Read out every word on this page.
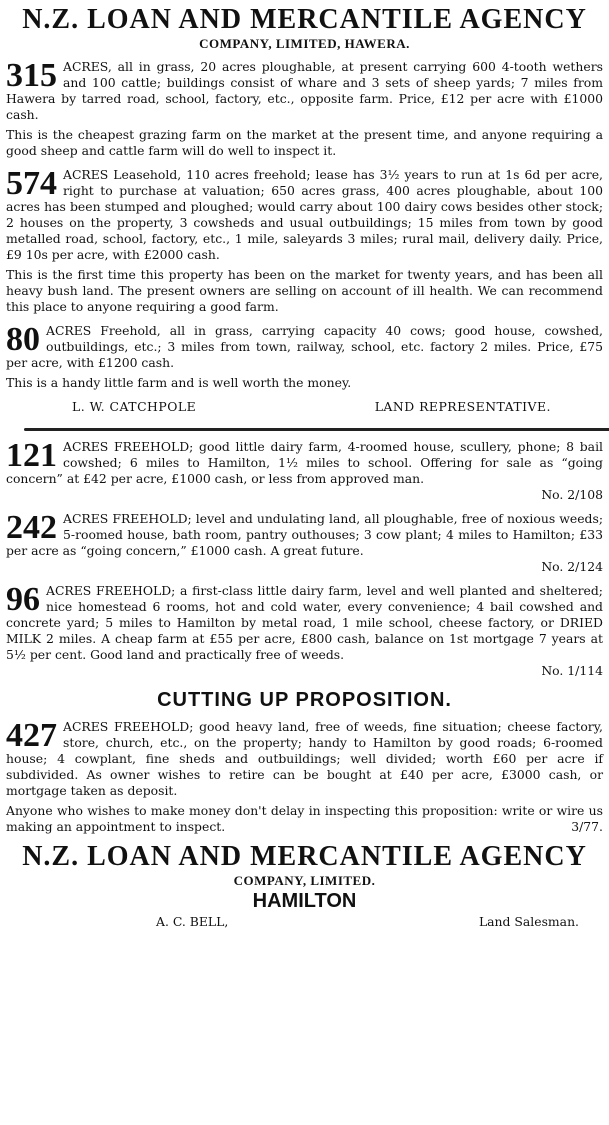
N.Z. LOAN AND MERCANTILE AGENCY
COMPANY, LIMITED, HAWERA.
315 ACRES, all in grass, 20 acres ploughable, at present carrying 600 4-tooth wethers and 100 cattle; buildings consist of whare and 3 sets of sheep yards; 7 miles from Hawera by tarred road, school, factory, etc., opposite farm. Price, £12 per acre with £1000 cash.
This is the cheapest grazing farm on the market at the present time, and anyone requiring a good sheep and cattle farm will do well to inspect it.
574 ACRES Leasehold, 110 acres freehold; lease has 3½ years to run at 1s 6d per acre, right to purchase at valuation; 650 acres grass, 400 acres ploughable, about 100 acres has been stumped and ploughed; would carry about 100 dairy cows besides other stock; 2 houses on the property, 3 cowsheds and usual outbuildings; 15 miles from town by good metalled road, school, factory, etc., 1 mile, saleyards 3 miles; rural mail, delivery daily. Price, £9 10s per acre, with £2000 cash.
This is the first time this property has been on the market for twenty years, and has been all heavy bush land. The present owners are selling on account of ill health. We can recommend this place to anyone requiring a good farm.
80 ACRES Freehold, all in grass, carrying capacity 40 cows; good house, cowshed, outbuildings, etc.; 3 miles from town, railway, school, etc. factory 2 miles. Price, £75 per acre, with £1200 cash.
This is a handy little farm and is well worth the money.
L. W. CATCHPOLE	LAND REPRESENTATIVE.
121 ACRES FREEHOLD; good little dairy farm, 4-roomed house, scullery, phone; 8 bail cowshed; 6 miles to Hamilton, 1½ miles to school. Offering for sale as “going concern” at £42 per acre, £1000 cash, or less from approved man.
No. 2/108
242 ACRES FREEHOLD; level and undulating land, all ploughable, free of noxious weeds; 5-roomed house, bath room, pantry outhouses; 3 cow plant; 4 miles to Hamilton; £33 per acre as “going concern,” £1000 cash. A great future.
No. 2/124
96 ACRES FREEHOLD; a first-class little dairy farm, level and well planted and sheltered; nice homestead 6 rooms, hot and cold water, every convenience; 4 bail cowshed and concrete yard; 5 miles to Hamilton by metal road, 1 mile school, cheese factory, or DRIED MILK 2 miles. A cheap farm at £55 per acre, £800 cash, balance on 1st mortgage 7 years at 5½ per cent. Good land and practically free of weeds.
No. 1/114
CUTTING UP PROPOSITION.
427 ACRES FREEHOLD; good heavy land, free of weeds, fine situation; cheese factory, store, church, etc., on the property; handy to Hamilton by good roads; 6-roomed house; 4 cowplant, fine sheds and outbuildings; well divided; worth £60 per acre if subdivided. As owner wishes to retire can be bought at £40 per acre, £3000 cash, or mortgage taken as deposit.
Anyone who wishes to make money don't delay in inspecting this proposition: write or wire us making an appointment to inspect.	3/77.
N.Z. LOAN AND MERCANTILE AGENCY
COMPANY, LIMITED.
HAMILTON
A. C. BELL,	Land Salesman.
